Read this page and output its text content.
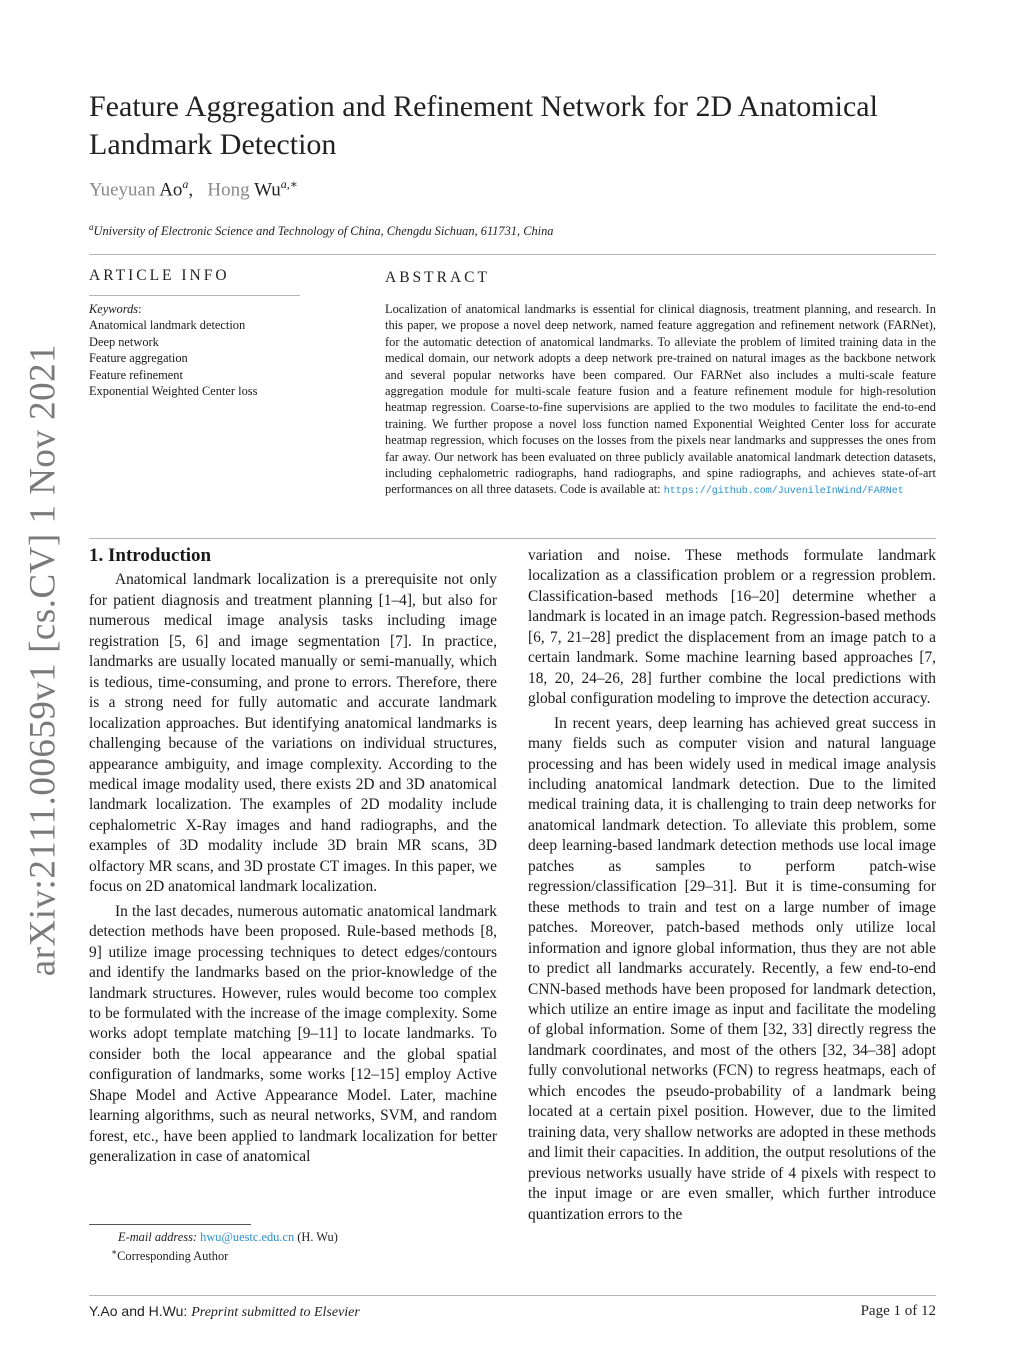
arXiv:2111.00659v1 [cs.CV] 1 Nov 2021
Feature Aggregation and Refinement Network for 2D Anatomical
Landmark Detection
Yueyuan Ao$^a$,   Hong $Wu^{a,∗}$
$^a$University of Electronic Science and Technology of China, Chengdu Sichuan, 611731, China
ARTICLE INFO
Keywords:
Anatomical landmark detection
Deep network
Feature aggregation
Feature refinement
Exponential Weighted Center loss
ABSTRACT
Localization of anatomical landmarks is essential for clinical diagnosis, treatment planning, and research. In this paper, we propose a novel deep network, named feature aggregation and refinement network (FARNet), for the automatic detection of anatomical landmarks. To alleviate the problem of limited training data in the medical domain, our network adopts a deep network pre-trained on natural images as the backbone network and several popular networks have been compared. Our FARNet also includes a multi-scale feature aggregation module for multi-scale feature fusion and a feature refinement module for high-resolution heatmap regression. Coarse-to-fine supervisions are applied to the two modules to facilitate the end-to-end training. We further propose a novel loss function named Exponential Weighted Center loss for accurate heatmap regression, which focuses on the losses from the pixels near landmarks and suppresses the ones from far away. Our network has been evaluated on three publicly available anatomical landmark detection datasets, including cephalometric radiographs, hand radiographs, and spine radiographs, and achieves state-of-art performances on all three datasets. Code is available at: https://github.com/JuvenileInWind/FARNet
1. Introduction

Anatomical landmark localization is a prerequisite not only for patient diagnosis and treatment planning [1–4], but also for numerous medical image analysis tasks including image registration [5, 6] and image segmentation [7]. In practice, landmarks are usually located manually or semi-manually, which is tedious, time-consuming, and prone to errors. Therefore, there is a strong need for fully automatic and accurate landmark localization approaches. But identifying anatomical landmarks is challenging because of the variations on individual structures, appearance ambiguity, and image complexity. According to the medical image modality used, there exists 2D and 3D anatomical landmark localization. The examples of 2D modality include cephalometric X-Ray images and hand radiographs, and the examples of 3D modality include 3D brain MR scans, 3D olfactory MR scans, and 3D prostate CT images. In this paper, we focus on 2D anatomical landmark localization.

In the last decades, numerous automatic anatomical landmark detection methods have been proposed. Rule-based methods [8, 9] utilize image processing techniques to detect edges/contours and identify the landmarks based on the prior-knowledge of the landmark structures. However, rules would become too complex to be formulated with the increase of the image complexity. Some works adopt template matching [9–11] to locate landmarks. To consider both the local appearance and the global spatial configuration of landmarks, some works [12–15] employ Active Shape Model and Active Appearance Model. Later, machine learning algorithms, such as neural networks, SVM, and random forest, etc., have been applied to landmark localization for better generalization in case of anatomical

E-mail address: hwu@uestc.edu.cn (H. Wu)
∗Corresponding Author

variation and noise. These methods formulate landmark localization as a classification problem or a regression problem. Classification-based methods [16–20] determine whether a landmark is located in an image patch. Regression-based methods [6, 7, 21–28] predict the displacement from an image patch to a certain landmark. Some machine learning based approaches [7, 18, 20, 24–26, 28] further combine the local predictions with global configuration modeling to improve the detection accuracy.

In recent years, deep learning has achieved great success in many fields such as computer vision and natural language processing and has been widely used in medical image analysis including anatomical landmark detection. Due to the limited medical training data, it is challenging to train deep networks for anatomical landmark detection. To alleviate this problem, some deep learning-based landmark detection methods use local image patches as samples to perform patch-wise regression/classification [29–31]. But it is time-consuming for these methods to train and test on a large number of image patches. Moreover, patch-based methods only utilize local information and ignore global information, thus they are not able to predict all landmarks accurately. Recently, a few end-to-end CNN-based methods have been proposed for landmark detection, which utilize an entire image as input and facilitate the modeling of global information. Some of them [32, 33] directly regress the landmark coordinates, and most of the others [32, 34–38] adopt fully convolutional networks (FCN) to regress heatmaps, each of which encodes the pseudo-probability of a landmark being located at a certain pixel position. However, due to the limited training data, very shallow networks are adopted in these methods and limit their capacities. In addition, the output resolutions of the previous networks usually have stride of 4 pixels with respect to the input image or are even smaller, which further introduce quantization errors to the

Y.Ao and H.Wu: Preprint submitted to Elsevier	Page 1 of 12
